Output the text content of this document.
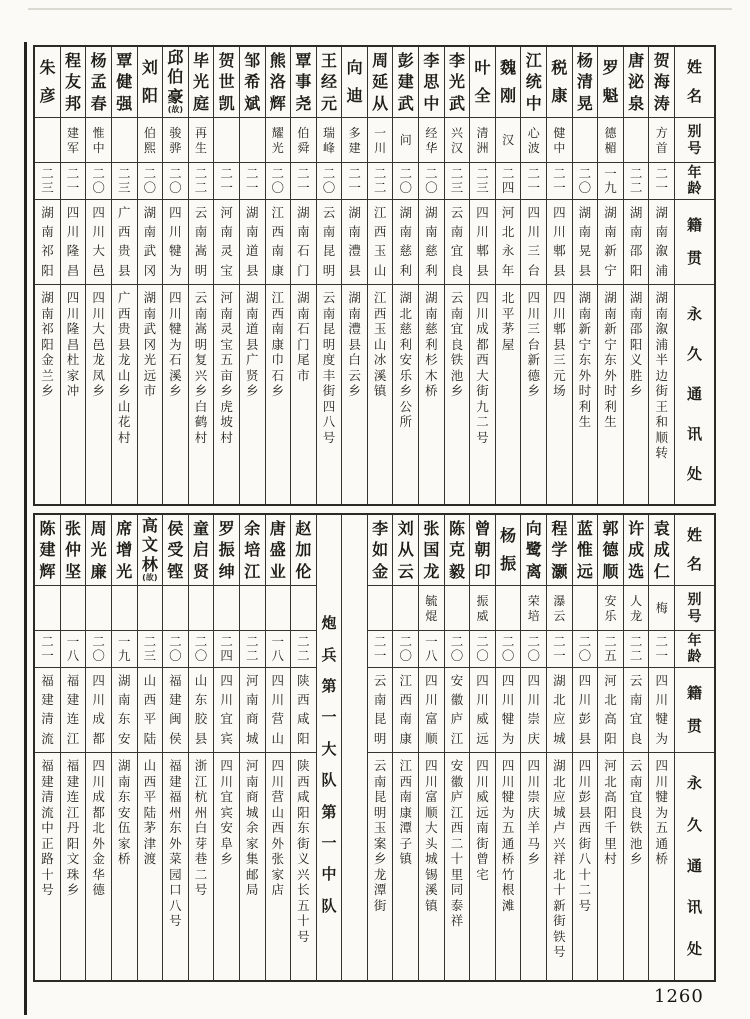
姓
名
别
号
年
龄
籍
贯
永
久
通
讯
处
贺
海
涛
方
首
二
一
湖
南
溆
浦
湖
南
溆
浦
半
边
街
王
和
顺
转
唐
泌
泉
二
二
湖
南
邵
阳
湖
南
邵
阳
义
胜
乡
罗
魁
德
楣
一
九
湖
南
新
宁
湖
南
新
宁
东
外
时
利
生
杨
清
晃
二
〇
湖
南
晃
县
湖
南
新
宁
东
外
时
利
生
税
康
健
中
二
一
四
川
郫
县
四
川
郫
县
三
元
场
江
统
中
心
波
二
一
四
川
三
台
四
川
三
台
新
德
乡
魏
刚
汉
二
四
河
北
永
年
北
平
茅
屋
叶
全
清
洲
二
三
四
川
郫
县
四
川
成
都
西
大
街
九
二
号
李
光
武
兴
汉
二
三
云
南
宜
良
云
南
宜
良
铁
池
乡
李
思
中
经
华
二
〇
湖
南
慈
利
湖
南
慈
利
杉
木
桥
彭
建
武
问
二
〇
湖
南
慈
利
湖
北
慈
利
安
乐
乡
公
所
周
延
从
一
川
二
二
江
西
玉
山
江
西
玉
山
冰
溪
镇
向
迪
多
建
二
一
湖
南
澧
县
湖
南
澧
县
白
云
乡
王
经
元
瑞
峰
二
〇
云
南
昆
明
云
南
昆
明
度
丰
街
四
八
号
覃
事
尧
伯
舜
二
一
湖
南
石
门
湖
南
石
门
尾
市
熊
洛
辉
耀
光
二
〇
江
西
南
康
江
西
南
康
巾
石
乡
邹
希
斌
二
一
湖
南
道
县
湖
南
道
县
广
贤
乡
贺
世
凯
二
一
河
南
灵
宝
河
南
灵
宝
五
亩
乡
虎
坡
村
毕
光
庭
再
生
二
二
云
南
嵩
明
云
南
嵩
明
复
兴
乡
白
鹤
村
邱
伯
豪
(故)
骏
骅
二
〇
四
川
犍
为
四
川
犍
为
石
溪
乡
刘
阳
伯
熙
二
〇
湖
南
武
冈
湖
南
武
冈
光
远
市
覃
健
强
二
三
广
西
贵
县
广
西
贵
县
龙
山
乡
山
花
村
杨
孟
春
惟
中
二
〇
四
川
大
邑
四
川
大
邑
龙
凤
乡
程
友
邦
建
军
二
一
四
川
隆
昌
四
川
隆
昌
杜
家
冲
朱
彦
二
三
湖
南
祁
阳
湖
南
祁
阳
金
兰
乡
姓
名
别
号
年
龄
籍
贯
永
久
通
讯
处
袁
成
仁
梅
二
一
四
川
犍
为
四
川
犍
为
五
通
桥
许
成
选
人
龙
二
二
云
南
宜
良
云
南
宜
良
铁
池
乡
郭
德
顺
安
乐
二
五
河
北
高
阳
河
北
高
阳
千
里
村
蓝
惟
远
二
〇
四
川
彭
县
四
川
彭
县
西
街
八
十
二
号
程
学
灏
瀑
云
二
一
湖
北
应
城
湖
北
应
城
卢
兴
祥
北
十
新
街
铁
号
向
鹭
离
荣
培
二
〇
四
川
崇
庆
四
川
崇
庆
羊
马
乡
杨
振
二
〇
四
川
犍
为
四
川
犍
为
五
通
桥
竹
根
滩
曾
朝
印
振
威
二
〇
四
川
威
远
四
川
威
远
南
街
曾
宅
陈
克
毅
二
〇
安
徽
庐
江
安
徽
庐
江
西
二
十
里
同
泰
祥
张
国
龙
毓
焜
一
八
四
川
富
顺
四
川
富
顺
大
头
城
锡
溪
镇
刘
从
云
二
〇
江
西
南
康
江
西
南
康
潭
子
镇
李
如
金
二
一
云
南
昆
明
云
南
昆
明
玉
案
乡
龙
潭
街
炮
兵
第
一
大
队
第
一
中
队
赵
加
伦
二
二
陕
西
咸
阳
陕
西
咸
阳
东
街
义
兴
长
五
十
号
唐
盛
业
一
八
四
川
营
山
四
川
营
山
西
外
张
家
店
余
培
江
二
二
河
南
商
城
河
南
商
城
余
家
集
邮
局
罗
振
绅
二
四
四
川
宜
宾
四
川
宜
宾
安
阜
乡
童
启
贤
二
〇
山
东
胶
县
浙
江
杭
州
白
芽
巷
二
号
侯
受
铿
二
〇
福
建
闽
侯
福
建
福
州
东
外
菜
园
口
八
号
高
文
林
(故)
二
三
山
西
平
陆
山
西
平
陆
茅
津
渡
席
增
光
一
九
湖
南
东
安
湖
南
东
安
伍
家
桥
周
光
廉
二
〇
四
川
成
都
四
川
成
都
北
外
金
华
德
张
仲
坚
一
八
福
建
连
江
福
建
连
江
丹
阳
文
珠
乡
陈
建
辉
二
一
福
建
清
流
福
建
清
流
中
正
路
十
号
1260
